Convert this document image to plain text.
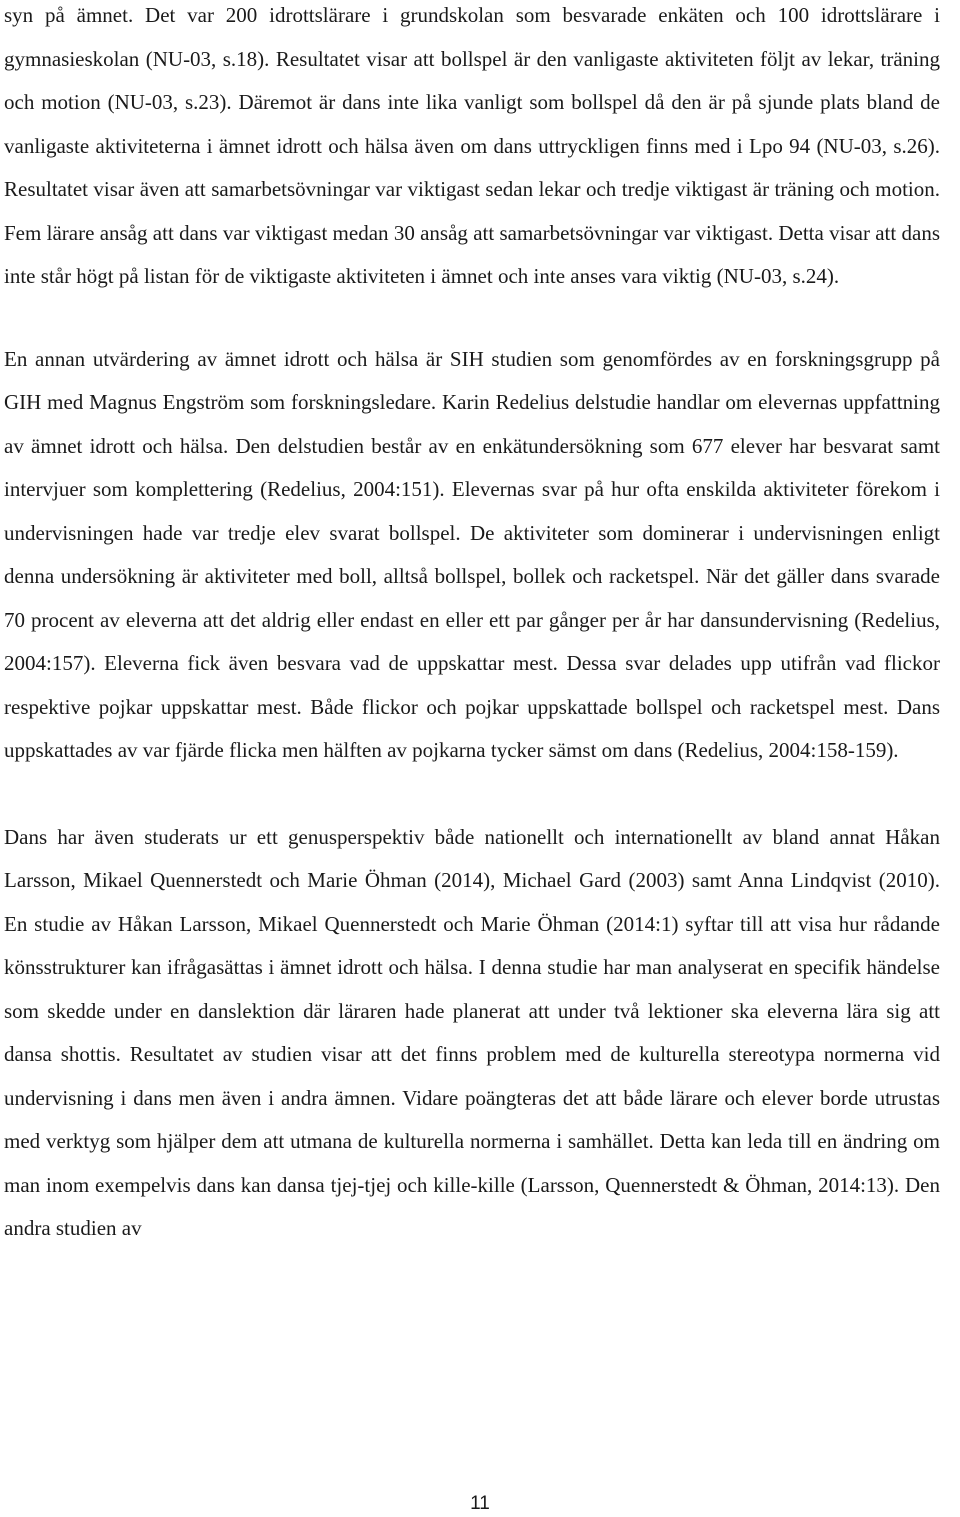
syn på ämnet. Det var 200 idrottslärare i grundskolan som besvarade enkäten och 100 idrottslärare i gymnasieskolan (NU-03, s.18). Resultatet visar att bollspel är den vanligaste aktiviteten följt av lekar, träning och motion (NU-03, s.23). Däremot är dans inte lika vanligt som bollspel då den är på sjunde plats bland de vanligaste aktiviteterna i ämnet idrott och hälsa även om dans uttryckligen finns med i Lpo 94 (NU-03, s.26). Resultatet visar även att samarbetsövningar var viktigast sedan lekar och tredje viktigast är träning och motion. Fem lärare ansåg att dans var viktigast medan 30 ansåg att samarbetsövningar var viktigast. Detta visar att dans inte står högt på listan för de viktigaste aktiviteten i ämnet och inte anses vara viktig (NU-03, s.24).

En annan utvärdering av ämnet idrott och hälsa är SIH studien som genomfördes av en forskningsgrupp på GIH med Magnus Engström som forskningsledare. Karin Redelius delstudie handlar om elevernas uppfattning av ämnet idrott och hälsa. Den delstudien består av en enkätundersökning som 677 elever har besvarat samt intervjuer som komplettering (Redelius, 2004:151). Elevernas svar på hur ofta enskilda aktiviteter förekom i undervisningen hade var tredje elev svarat bollspel. De aktiviteter som dominerar i undervisningen enligt denna undersökning är aktiviteter med boll, alltså bollspel, bollek och racketspel. När det gäller dans svarade 70 procent av eleverna att det aldrig eller endast en eller ett par gånger per år har dansundervisning (Redelius, 2004:157). Eleverna fick även besvara vad de uppskattar mest. Dessa svar delades upp utifrån vad flickor respektive pojkar uppskattar mest. Både flickor och pojkar uppskattade bollspel och racketspel mest. Dans uppskattades av var fjärde flicka men hälften av pojkarna tycker sämst om dans (Redelius, 2004:158-159).

Dans har även studerats ur ett genusperspektiv både nationellt och internationellt av bland annat Håkan Larsson, Mikael Quennerstedt och Marie Öhman (2014), Michael Gard (2003) samt Anna Lindqvist (2010). En studie av Håkan Larsson, Mikael Quennerstedt och Marie Öhman (2014:1) syftar till att visa hur rådande könsstrukturer kan ifrågasättas i ämnet idrott och hälsa. I denna studie har man analyserat en specifik händelse som skedde under en danslektion där läraren hade planerat att under två lektioner ska eleverna lära sig att dansa shottis. Resultatet av studien visar att det finns problem med de kulturella stereotypa normerna vid undervisning i dans men även i andra ämnen. Vidare poängteras det att både lärare och elever borde utrustas med verktyg som hjälper dem att utmana de kulturella normerna i samhället. Detta kan leda till en ändring om man inom exempelvis dans kan dansa tjej-tjej och kille-kille (Larsson, Quennerstedt & Öhman, 2014:13). Den andra studien av

11
